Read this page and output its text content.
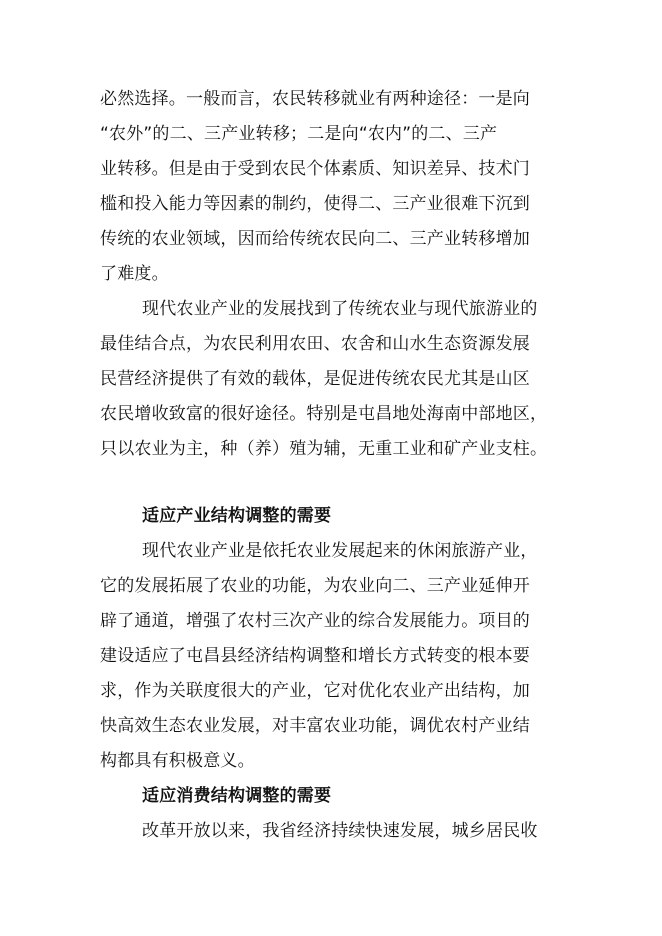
必然选择。一般而言，农民转移就业有两种途径：一是向
“农外”的二、三产业转移；二是向“农内”的二、三产
业转移。但是由于受到农民个体素质、知识差异、技术门
槛和投入能力等因素的制约，使得二、三产业很难下沉到
传统的农业领域，因而给传统农民向二、三产业转移增加
了难度。
现代农业产业的发展找到了传统农业与现代旅游业的
最佳结合点，为农民利用农田、农舍和山水生态资源发展
民营经济提供了有效的载体，是促进传统农民尤其是山区
农民增收致富的很好途径。特别是屯昌地处海南中部地区，
只以农业为主，种（养）殖为辅，无重工业和矿产业支柱。
适应产业结构调整的需要
现代农业产业是依托农业发展起来的休闲旅游产业，
它的发展拓展了农业的功能，为农业向二、三产业延伸开
辟了通道，增强了农村三次产业的综合发展能力。项目的
建设适应了屯昌县经济结构调整和增长方式转变的根本要
求，作为关联度很大的产业，它对优化农业产出结构，加
快高效生态农业发展，对丰富农业功能，调优农村产业结
构都具有积极意义。
适应消费结构调整的需要
改革开放以来，我省经济持续快速发展，城乡居民收
